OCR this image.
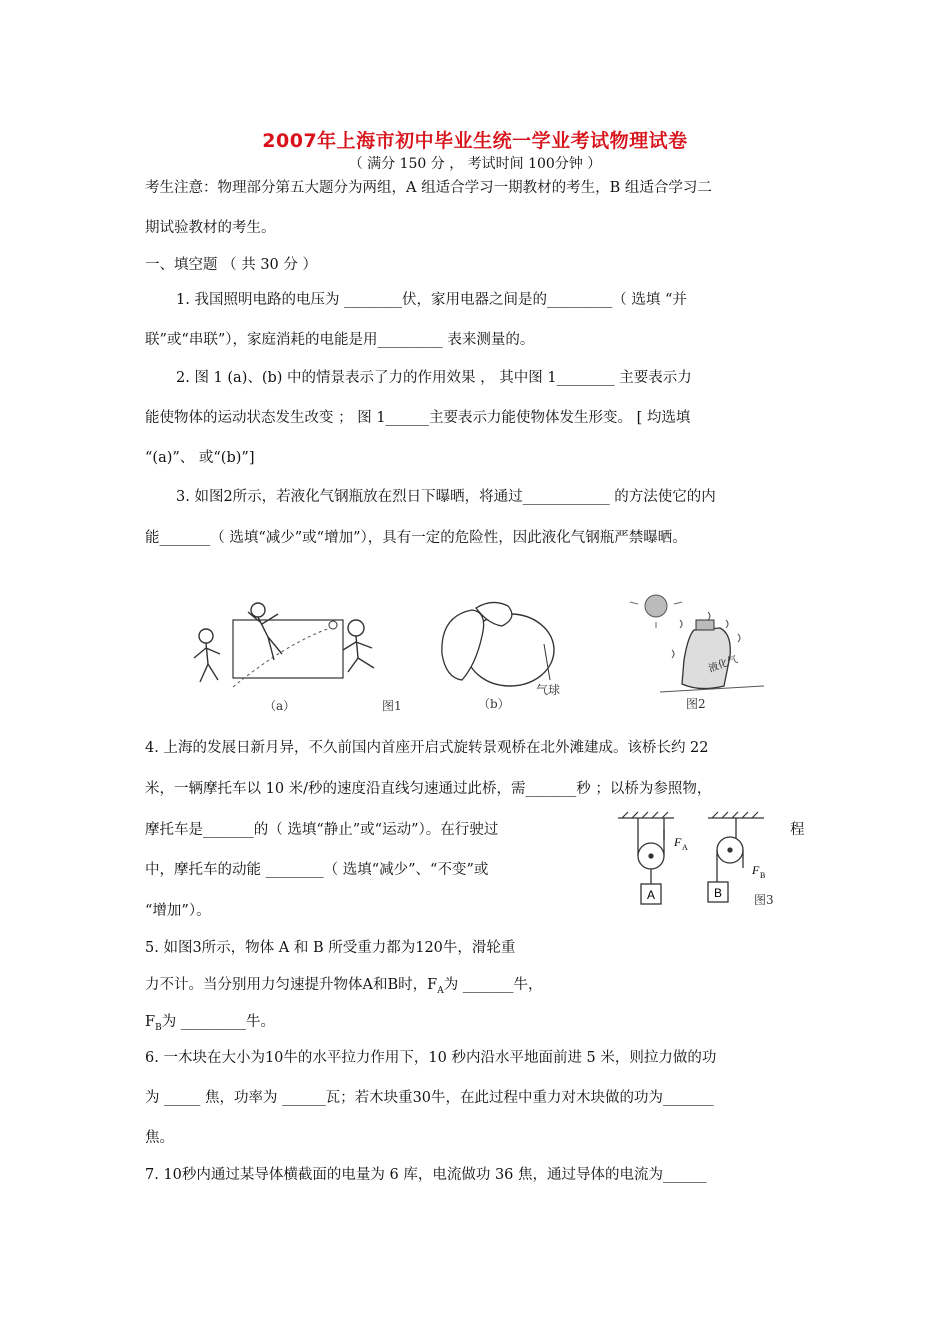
2007年上海市初中毕业生统一学业考试物理试卷
（ 满分 150 分 ， 考试时间 100分钟 ）
考生注意：物理部分第五大题分为两组，A 组适合学习一期教材的考生，B 组适合学习二
期试验教材的考生。
一、填空题 （ 共 30 分 ）
1. 我国照明电路的电压为 ________伏，家用电器之间是的_________（ 选填 “并
联”或“串联”），家庭消耗的电能是用_________ 表来测量的。
2. 图 1 (a)、(b) 中的情景表示了力的作用效果 ， 其中图 1________ 主要表示力
能使物体的运动状态发生改变 ； 图 1______主要表示力能使物体发生形变。 [ 均选填
“(a)”、 或“(b)”]
3. 如图2所示，若液化气钢瓶放在烈日下曝晒，将通过____________ 的方法使它的内
能_______（ 选填“减少”或“增加”），具有一定的危险性，因此液化气钢瓶严禁曝晒。
（a）	图1
气球
（b）
液化气
图2
4. 上海的发展日新月异，不久前国内首座开启式旋转景观桥在北外滩建成。该桥长约 22
米，一辆摩托车以 10 米/秒的速度沿直线匀速通过此桥，需_______秒 ；以桥为参照物，
摩托车是_______的（ 选填“静止”或“运动”）。在行驶过	程
中，摩托车的动能 ________（ 选填“减少”、“不变”或
“增加”）。
A
F A
B
F B
图3
5. 如图3所示，物体 A 和 B 所受重力都为120牛，滑轮重
力不计。当分别用力匀速提升物体A和B时，$F_A$为 _______牛，
$F_B$为 _________牛。
6. 一木块在大小为10牛的水平拉力作用下，10 秒内沿水平地面前进 5 米，则拉力做的功
为 _____ 焦，功率为 ______瓦；若木块重30牛，在此过程中重力对木块做的功为_______
焦。
7. 10秒内通过某导体横截面的电量为 6 库，电流做功 36 焦，通过导体的电流为______
